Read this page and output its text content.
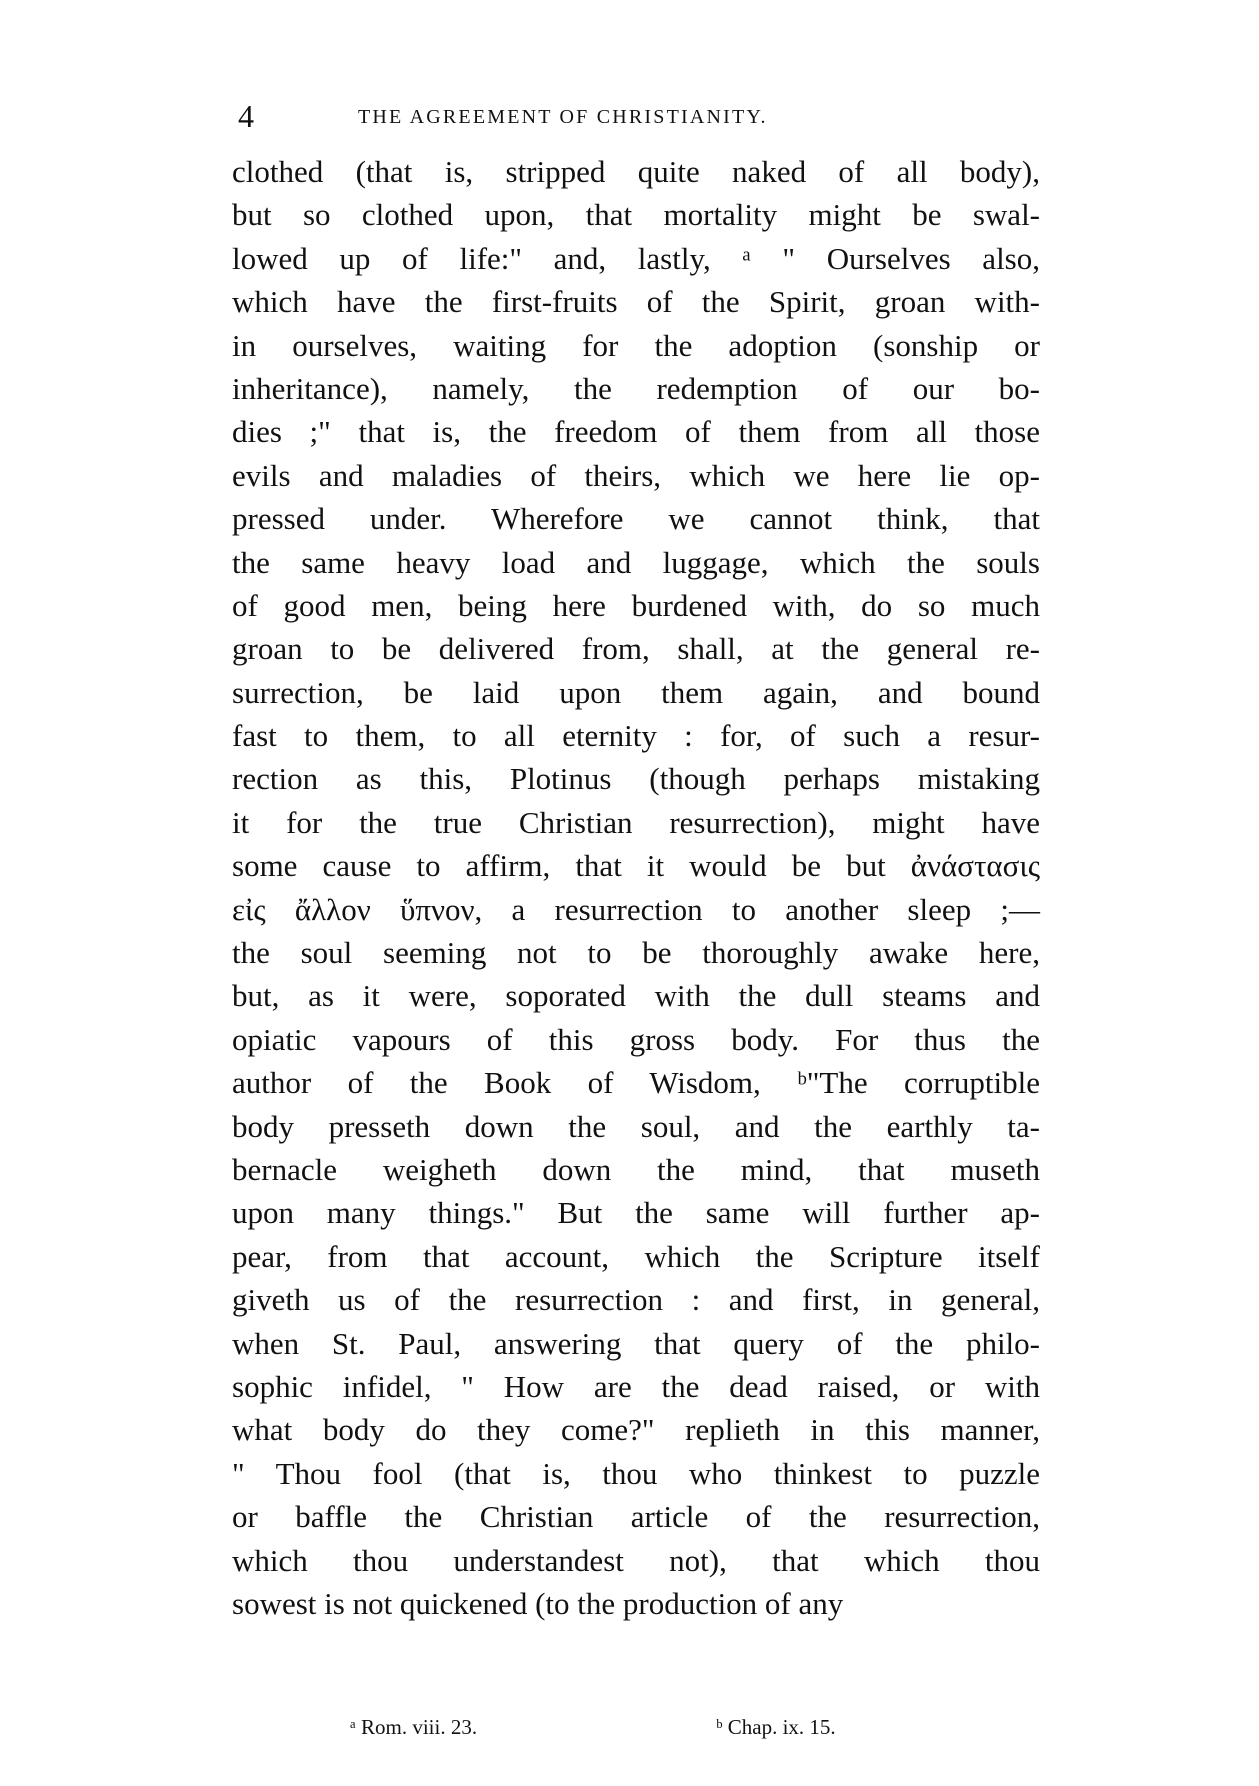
4	THE AGREEMENT OF CHRISTIANITY.
clothed (that is, stripped quite naked of all body),
but so clothed upon, that mortality might be swal-
lowed up of life:" and, lastly, ᵃ " Ourselves also,
which have the first-fruits of the Spirit, groan with-
in ourselves, waiting for the adoption (sonship or
inheritance), namely, the redemption of our bo-
dies ;" that is, the freedom of them from all those
evils and maladies of theirs, which we here lie op-
pressed under. Wherefore we cannot think, that
the same heavy load and luggage, which the souls
of good men, being here burdened with, do so much
groan to be delivered from, shall, at the general re-
surrection, be laid upon them again, and bound
fast to them, to all eternity : for, of such a resur-
rection as this, Plotinus (though perhaps mistaking
it for the true Christian resurrection), might have
some cause to affirm, that it would be but ἀνάστασις
εἰς ἄλλον ὕπνον, a resurrection to another sleep ;—
the soul seeming not to be thoroughly awake here,
but, as it were, soporated with the dull steams and
opiatic vapours of this gross body. For thus the
author of the Book of Wisdom, ᵇ"The corruptible
body presseth down the soul, and the earthly ta-
bernacle weigheth down the mind, that museth
upon many things." But the same will further ap-
pear, from that account, which the Scripture itself
giveth us of the resurrection : and first, in general,
when St. Paul, answering that query of the philo-
sophic infidel, " How are the dead raised, or with
what body do they come?" replieth in this manner,
" Thou fool (that is, thou who thinkest to puzzle
or baffle the Christian article of the resurrection,
which thou understandest not), that which thou
sowest is not quickened (to the production of any
ᵃ Rom. viii. 23.	ᵇ Chap. ix. 15.
